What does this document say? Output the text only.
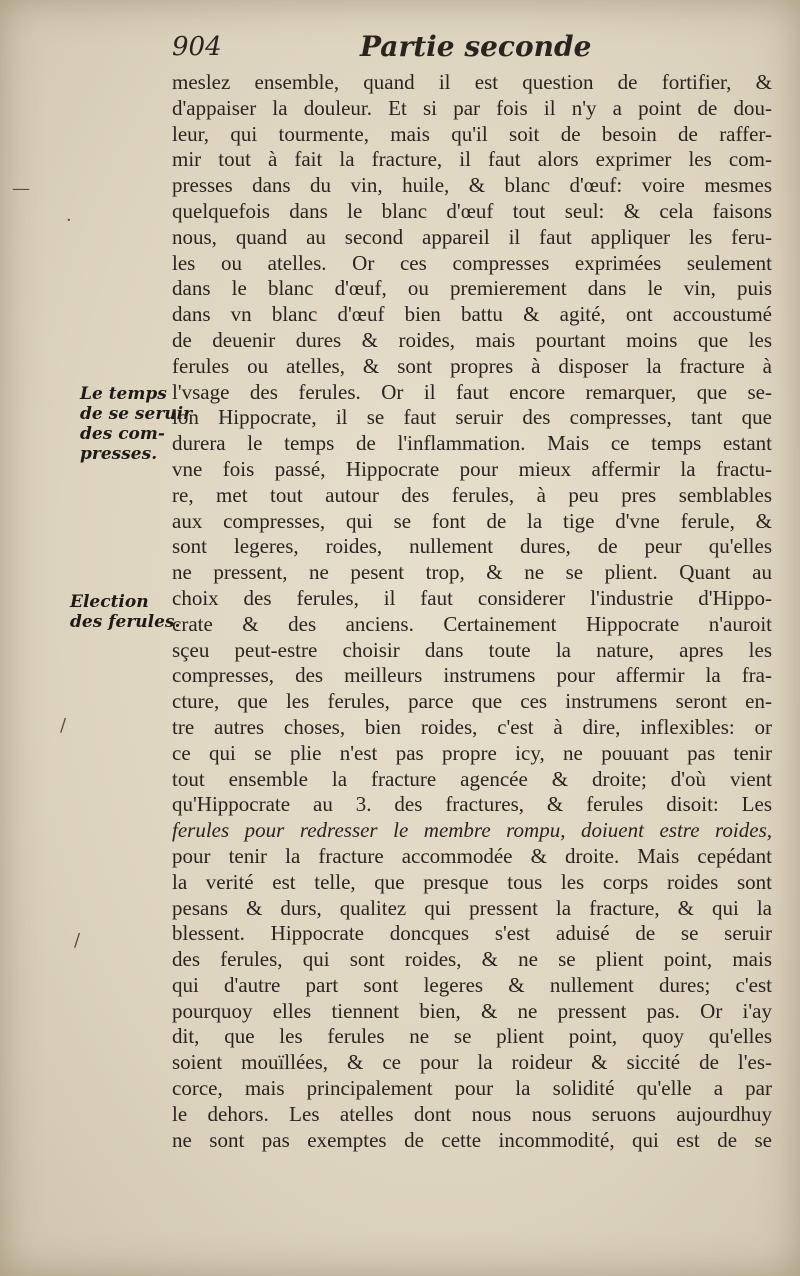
904	Partie seconde
Le temps
de se seruir
des com-
presses.
Election
des ferules.
—
·
/
/
meslez ensemble, quand il est question de fortifier, &
d'appaiser la douleur. Et si par fois il n'y a point de dou-
leur, qui tourmente, mais qu'il soit de besoin de raffer-
mir tout à fait la fracture, il faut alors exprimer les com-
presses dans du vin, huile, & blanc d'œuf: voire mesmes
quelquefois dans le blanc d'œuf tout seul: & cela faisons
nous, quand au second appareil il faut appliquer les feru-
les ou atelles. Or ces compresses exprimées seulement
dans le blanc d'œuf, ou premierement dans le vin, puis
dans vn blanc d'œuf bien battu & agité, ont accoustumé
de deuenir dures & roides, mais pourtant moins que les
ferules ou atelles, & sont propres à disposer la fracture à
l'vsage des ferules. Or il faut encore remarquer, que se-
lon Hippocrate, il se faut seruir des compresses, tant que
durera le temps de l'inflammation. Mais ce temps estant
vne fois passé, Hippocrate pour mieux affermir la fractu-
re, met tout autour des ferules, à peu pres semblables
aux compresses, qui se font de la tige d'vne ferule, &
sont legeres, roides, nullement dures, de peur qu'elles
ne pressent, ne pesent trop, & ne se plient. Quant au
choix des ferules, il faut considerer l'industrie d'Hippo-
crate & des anciens. Certainement Hippocrate n'auroit
sçeu peut-estre choisir dans toute la nature, apres les
compresses, des meilleurs instrumens pour affermir la fra-
cture, que les ferules, parce que ces instrumens seront en-
tre autres choses, bien roides, c'est à dire, inflexibles: or
ce qui se plie n'est pas propre icy, ne pouuant pas tenir
tout ensemble la fracture agencée & droite; d'où vient
qu'Hippocrate au 3. des fractures, & ferules disoit: Les
ferules pour redresser le membre rompu, doiuent estre roides,
pour tenir la fracture accommodée & droite. Mais cepédant
la verité est telle, que presque tous les corps roides sont
pesans & durs, qualitez qui pressent la fracture, & qui la
blessent. Hippocrate doncques s'est aduisé de se seruir
des ferules, qui sont roides, & ne se plient point, mais
qui d'autre part sont legeres & nullement dures; c'est
pourquoy elles tiennent bien, & ne pressent pas. Or i'ay
dit, que les ferules ne se plient point, quoy qu'elles
soient mouïllées, & ce pour la roideur & siccité de l'es-
corce, mais principalement pour la solidité qu'elle a par
le dehors. Les atelles dont nous nous seruons aujourdhuy
ne sont pas exemptes de cette incommodité, qui est de se
